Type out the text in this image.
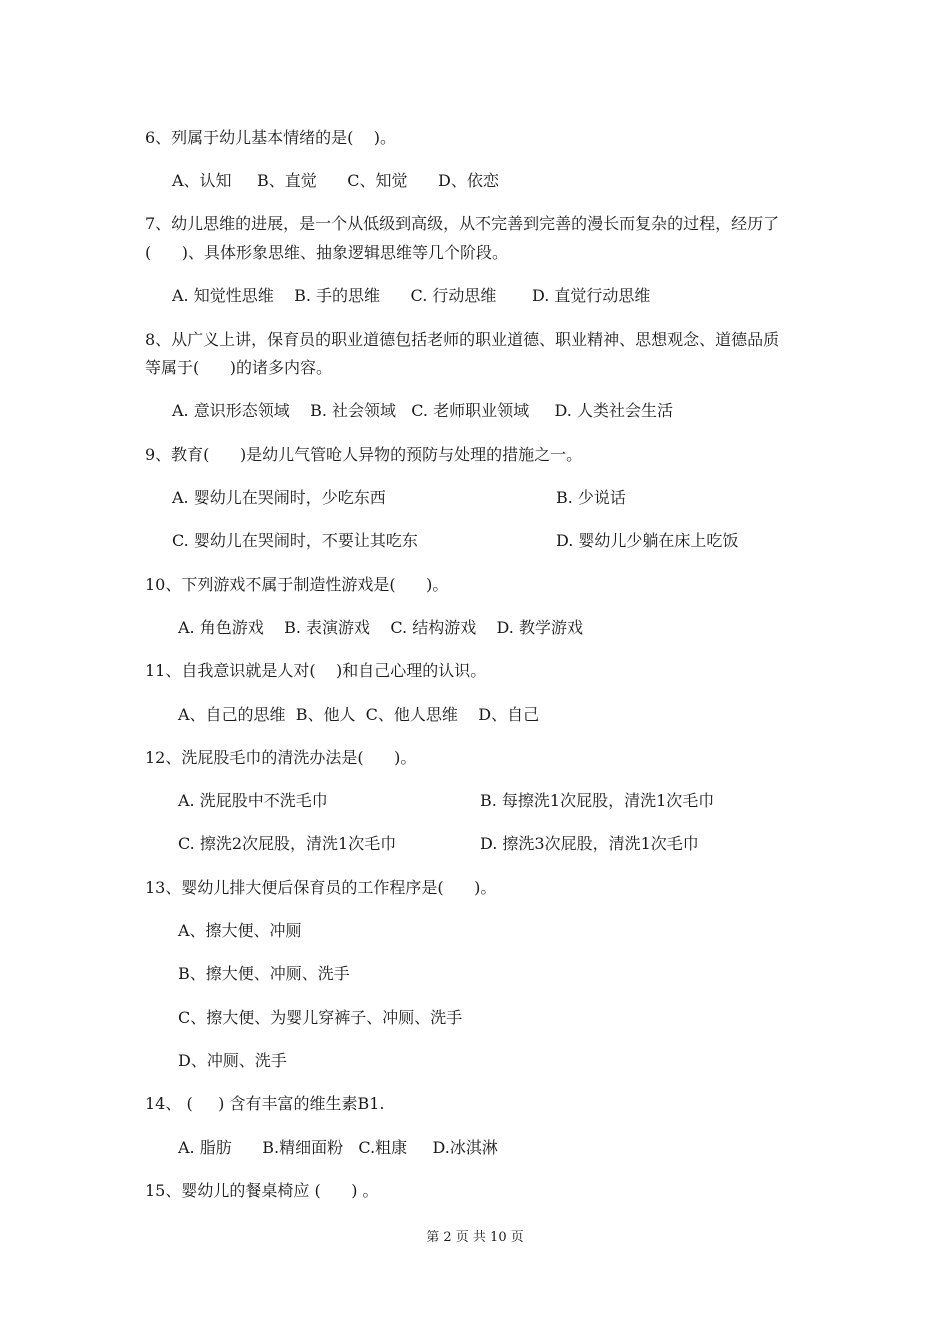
6、列属于幼儿基本情绪的是(    )。
A、认知     B、直觉      C、知觉      D、依恋
7、幼儿思维的进展，是一个从低级到高级，从不完善到完善的漫长而复杂的过程，经历了
(      )、具体形象思维、抽象逻辑思维等几个阶段。
A. 知觉性思维    B. 手的思维      C. 行动思维       D. 直觉行动思维
8、从广义上讲，保育员的职业道德包括老师的职业道德、职业精神、思想观念、道德品质
等属于(      )的诸多内容。
A. 意识形态领域    B. 社会领域   C. 老师职业领域     D. 人类社会生活
9、教育(      )是幼儿气管呛人异物的预防与处理的措施之一。
A. 婴幼儿在哭闹时，少吃东西	B. 少说话
C. 婴幼儿在哭闹时，不要让其吃东	D. 婴幼儿少躺在床上吃饭
10、下列游戏不属于制造性游戏是(      )。
A. 角色游戏    B. 表演游戏    C. 结构游戏    D. 教学游戏
11、自我意识就是人对(    )和自己心理的认识。
A、自己的思维  B、他人  C、他人思维    D、自己
12、洗屁股毛巾的清洗办法是(      )。
A. 洗屁股中不洗毛巾	B. 每擦洗1次屁股，清洗1次毛巾
C. 擦洗2次屁股，清洗1次毛巾	D. 擦洗3次屁股，清洗1次毛巾
13、婴幼儿排大便后保育员的工作程序是(      )。
A、擦大便、冲厕
B、擦大便、冲厕、洗手
C、擦大便、为婴儿穿裤子、冲厕、洗手
D、冲厕、洗手
14、 (     ) 含有丰富的维生素B1.
A. 脂肪      B.精细面粉   C.粗康     D.冰淇淋
15、婴幼儿的餐桌椅应 (      ) 。
第 2 页 共 10 页
